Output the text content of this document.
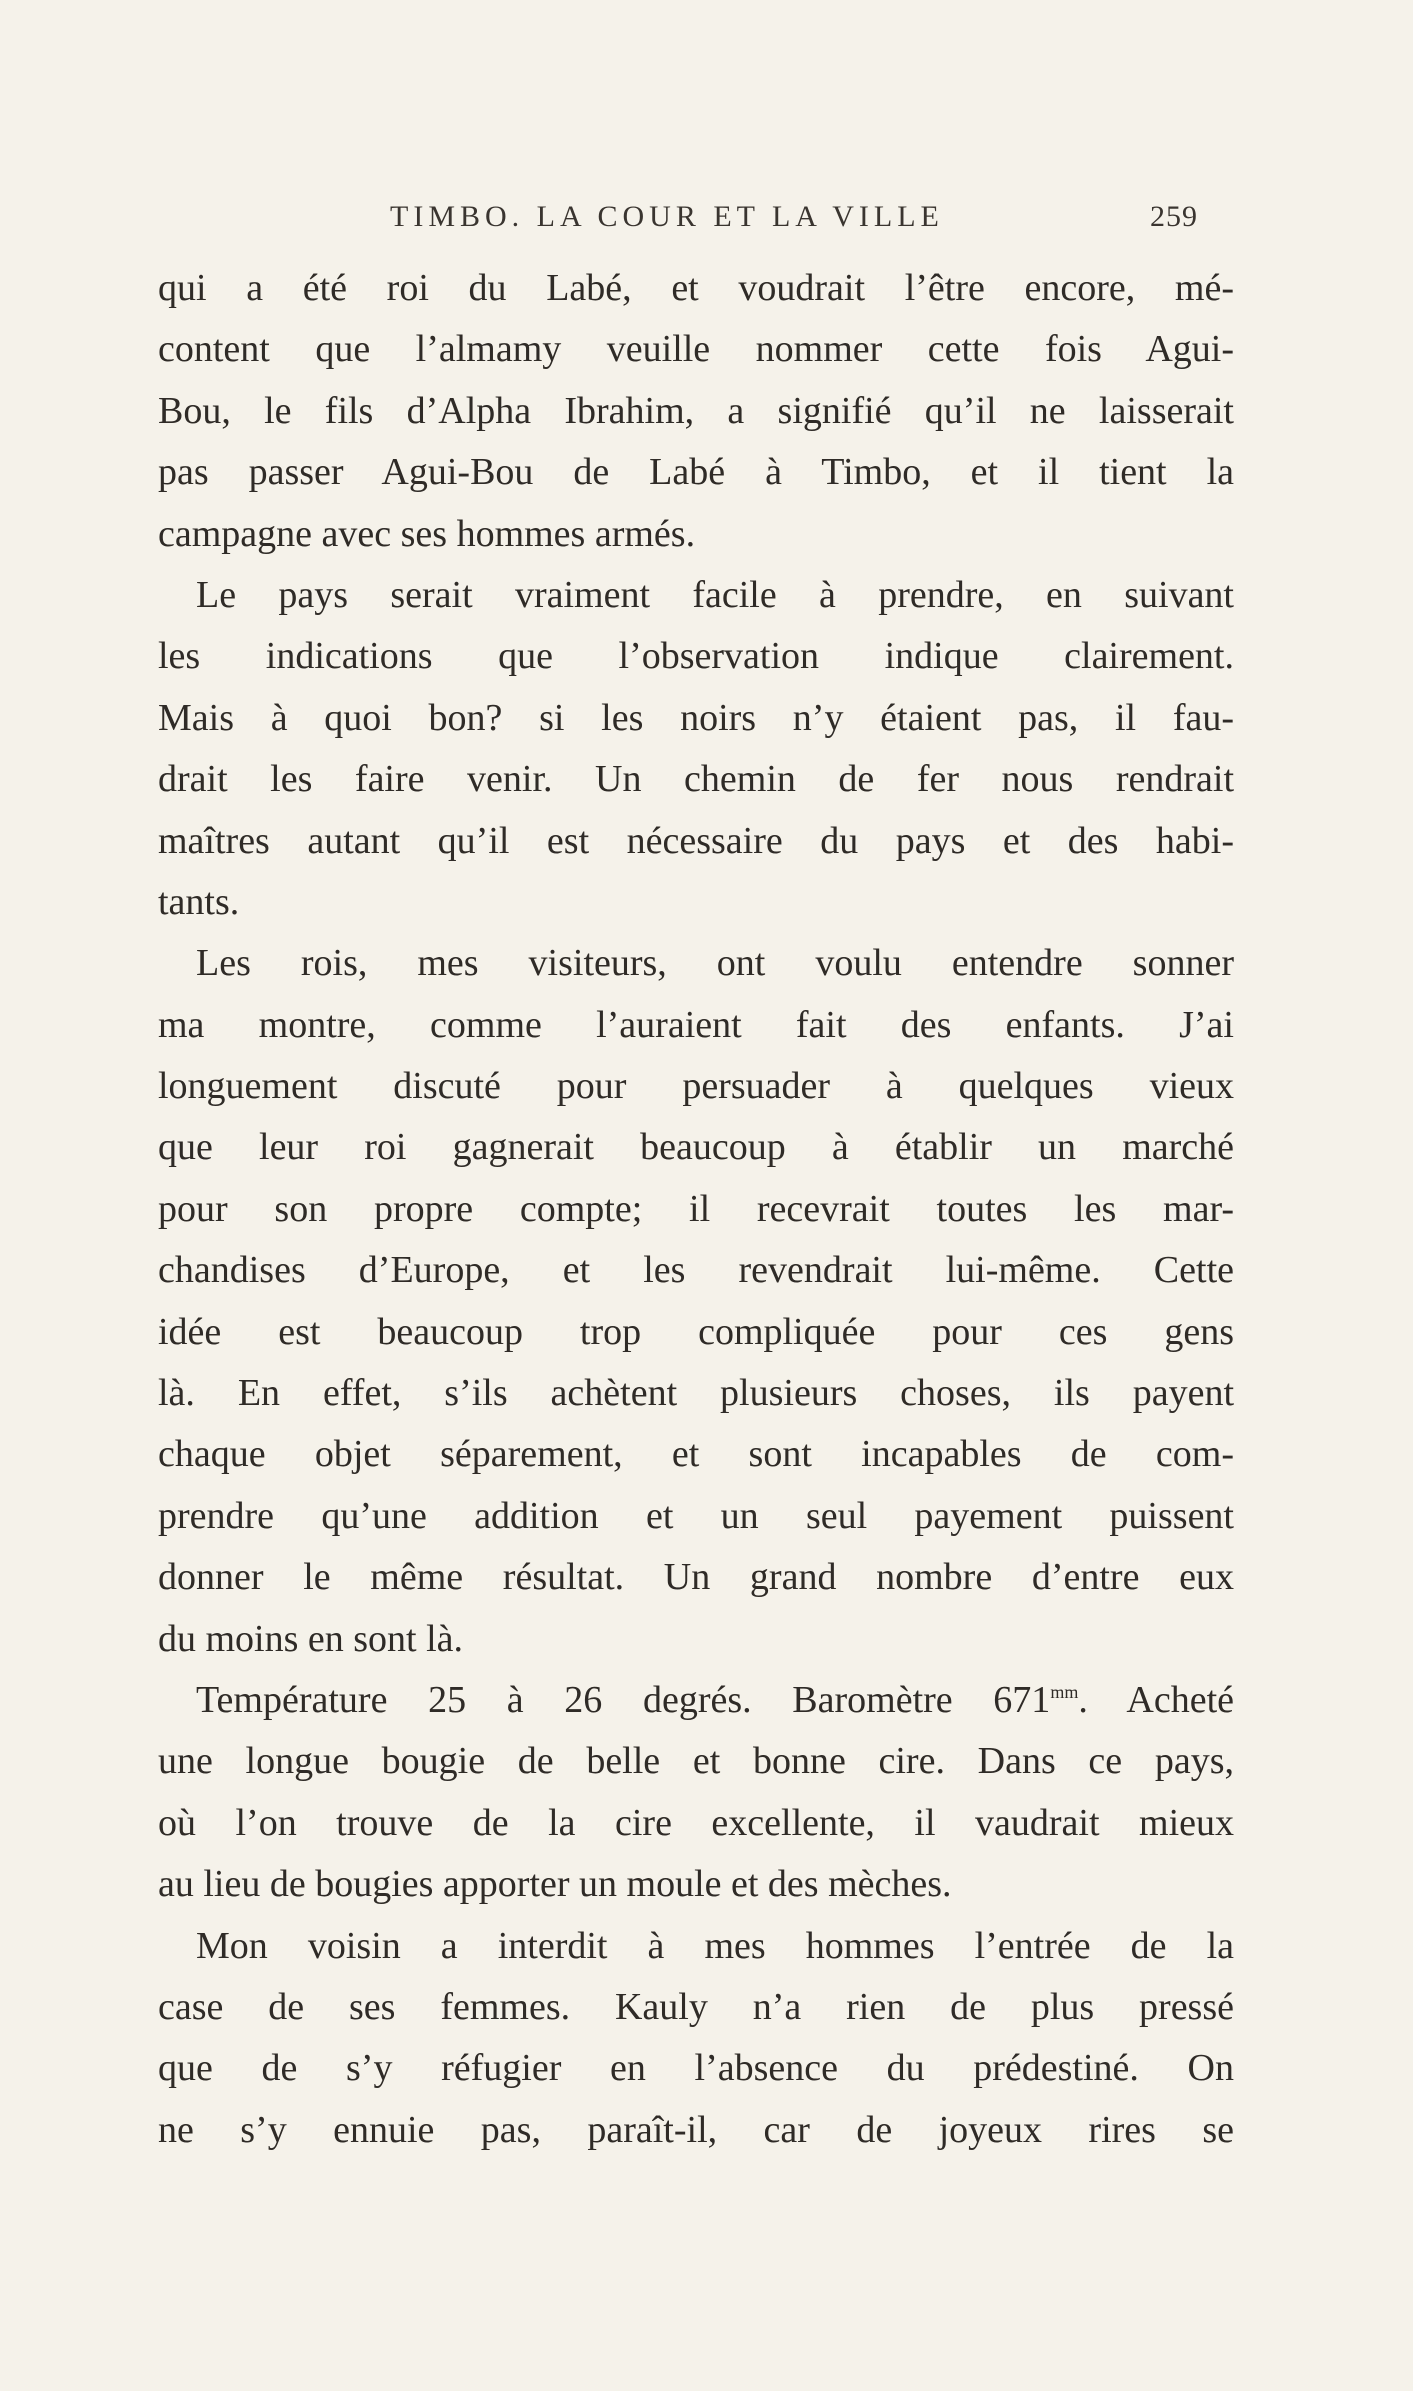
TIMBO. LA COUR ET LA VILLE	259
qui a été roi du Labé, et voudrait l’être encore, mé-
content que l’almamy veuille nommer cette fois Agui-
Bou, le fils d’Alpha Ibrahim, a signifié qu’il ne laisserait
pas passer Agui-Bou de Labé à Timbo, et il tient la
campagne avec ses hommes armés.
Le pays serait vraiment facile à prendre, en suivant
les indications que l’observation indique clairement.
Mais à quoi bon? si les noirs n’y étaient pas, il fau-
drait les faire venir. Un chemin de fer nous rendrait
maîtres autant qu’il est nécessaire du pays et des habi-
tants.
Les rois, mes visiteurs, ont voulu entendre sonner
ma montre, comme l’auraient fait des enfants. J’ai
longuement discuté pour persuader à quelques vieux
que leur roi gagnerait beaucoup à établir un marché
pour son propre compte; il recevrait toutes les mar-
chandises d’Europe, et les revendrait lui-même. Cette
idée est beaucoup trop compliquée pour ces gens
là. En effet, s’ils achètent plusieurs choses, ils payent
chaque objet séparement, et sont incapables de com-
prendre qu’une addition et un seul payement puissent
donner le même résultat. Un grand nombre d’entre eux
du moins en sont là.
Température 25 à 26 degrés. Baromètre $671^{mm}$. Acheté
une longue bougie de belle et bonne cire. Dans ce pays,
où l’on trouve de la cire excellente, il vaudrait mieux
au lieu de bougies apporter un moule et des mèches.
Mon voisin a interdit à mes hommes l’entrée de la
case de ses femmes. Kauly n’a rien de plus pressé
que de s’y réfugier en l’absence du prédestiné. On
ne s’y ennuie pas, paraît-il, car de joyeux rires se
